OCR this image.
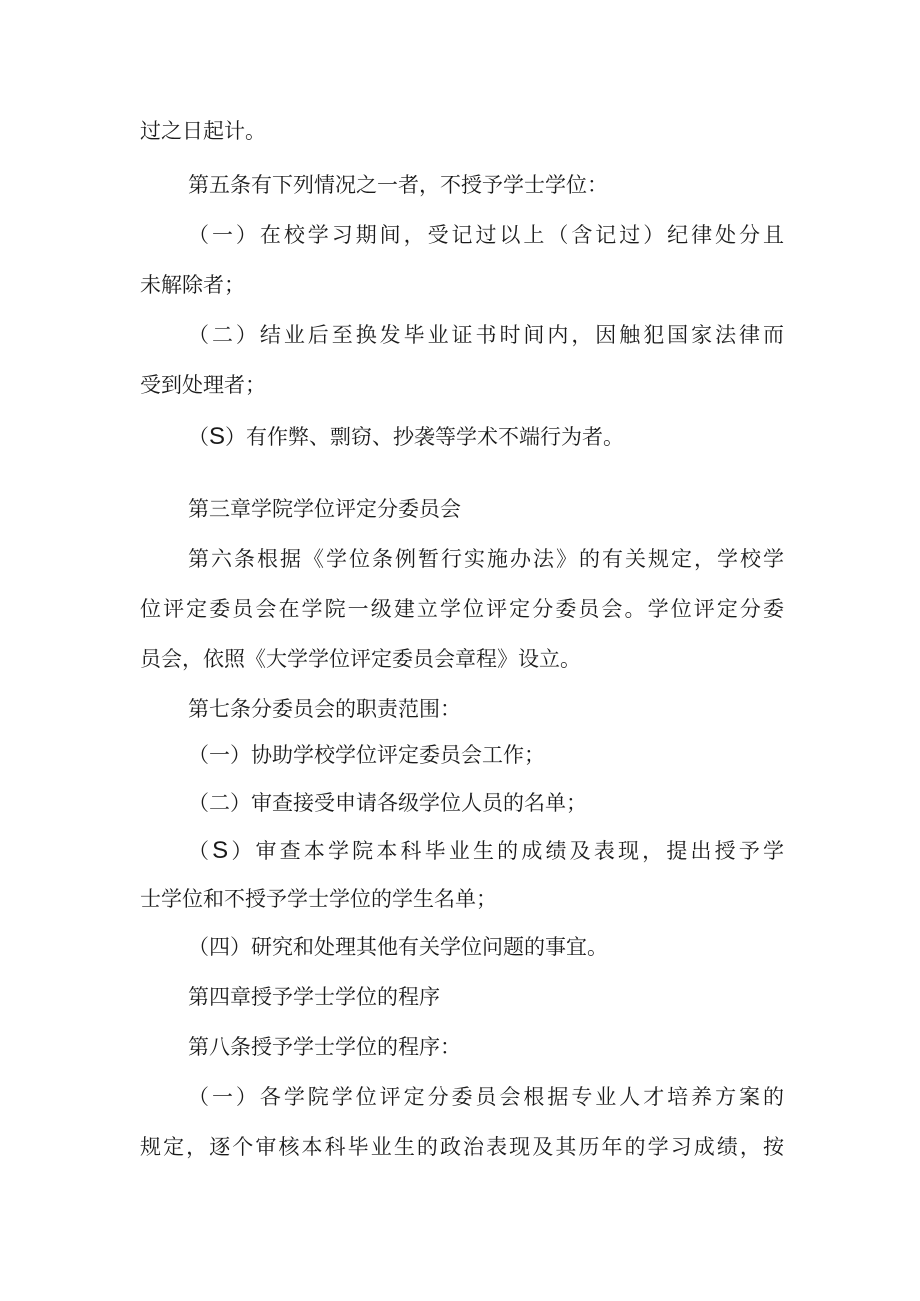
过之日起计。
第五条有下列情况之一者，不授予学士学位：
（一）在校学习期间，受记过以上（含记过）纪律处分且
未解除者；
（二）结业后至换发毕业证书时间内，因触犯国家法律而
受到处理者；
（S）有作弊、剽窃、抄袭等学术不端行为者。
第三章学院学位评定分委员会
第六条根据《学位条例暂行实施办法》的有关规定，学校学
位评定委员会在学院一级建立学位评定分委员会。学位评定分委
员会，依照《大学学位评定委员会章程》设立。
第七条分委员会的职责范围：
（一）协助学校学位评定委员会工作；
（二）审查接受申请各级学位人员的名单；
（S）审查本学院本科毕业生的成绩及表现，提出授予学
士学位和不授予学士学位的学生名单；
（四）研究和处理其他有关学位问题的事宜。
第四章授予学士学位的程序
第八条授予学士学位的程序：
（一）各学院学位评定分委员会根据专业人才培养方案的
规定，逐个审核本科毕业生的政治表现及其历年的学习成绩，按
